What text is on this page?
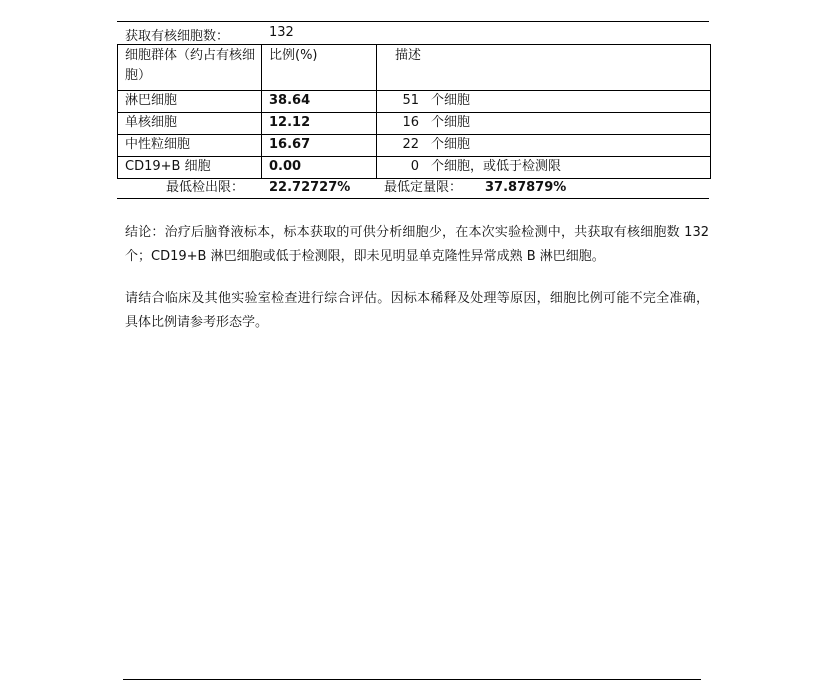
获取有核细胞数：	132
细胞群体（约占有核细胞）	比例(%)	描述
淋巴细胞	38.64	51 个细胞
单核细胞	12.12	16 个细胞
中性粒细胞	16.67	22 个细胞
CD19+B 细胞	0.00	0 个细胞，或低于检测限
最低检出限： 22.72727%	最低定量限： 37.87879%
结论：治疗后脑脊液标本，标本获取的可供分析细胞少，在本次实验检测中，共获取有核细胞数 132 个；CD19+B 淋巴细胞或低于检测限，即未见明显单克隆性异常成熟 B 淋巴细胞。
请结合临床及其他实验室检查进行综合评估。因标本稀释及处理等原因，细胞比例可能不完全准确，具体比例请参考形态学。
